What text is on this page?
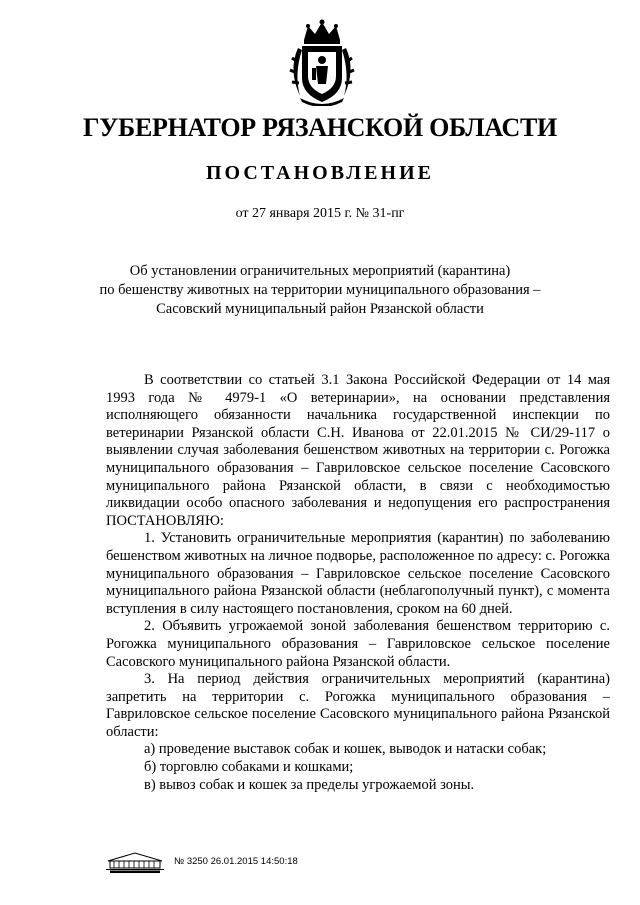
ГУБЕРНАТОР РЯЗАНСКОЙ ОБЛАСТИ
ПОСТАНОВЛЕНИЕ
от 27 января 2015 г. № 31-пг
Об установлении ограничительных мероприятий (карантина)
по бешенству животных на территории муниципального образования –
Сасовский муниципальный район Рязанской области

В соответствии со статьей 3.1 Закона Российской Федерации от 14 мая 1993 года № 4979-1 «О ветеринарии», на основании представления исполняющего обязанности начальника государственной инспекции по ветеринарии Рязанской области С.Н. Иванова от 22.01.2015 № СИ/29-117 о выявлении случая заболевания бешенством животных на территории с. Рогожка муниципального образования – Гавриловское сельское поселение Сасовского муниципального района Рязанской области, в связи с необходимостью ликвидации особо опасного заболевания и недопущения его распространения ПОСТАНОВЛЯЮ:

1. Установить ограничительные мероприятия (карантин) по заболеванию бешенством животных на личное подворье, расположенное по адресу: с. Рогожка муниципального образования – Гавриловское сельское поселение Сасовского муниципального района Рязанской области (неблагополучный пункт), с момента вступления в силу настоящего постановления, сроком на 60 дней.

2. Объявить угрожаемой зоной заболевания бешенством территорию с. Рогожка муниципального образования – Гавриловское сельское поселение Сасовского муниципального района Рязанской области.

3. На период действия ограничительных мероприятий (карантина) запретить на территории с. Рогожка муниципального образования – Гавриловское сельское поселение Сасовского муниципального района Рязанской области:

а) проведение выставок собак и кошек, выводок и натаски собак;

б) торговлю собаками и кошками;

в) вывоз собак и кошек за пределы угрожаемой зоны.

№ 3250 26.01.2015 14:50:18
